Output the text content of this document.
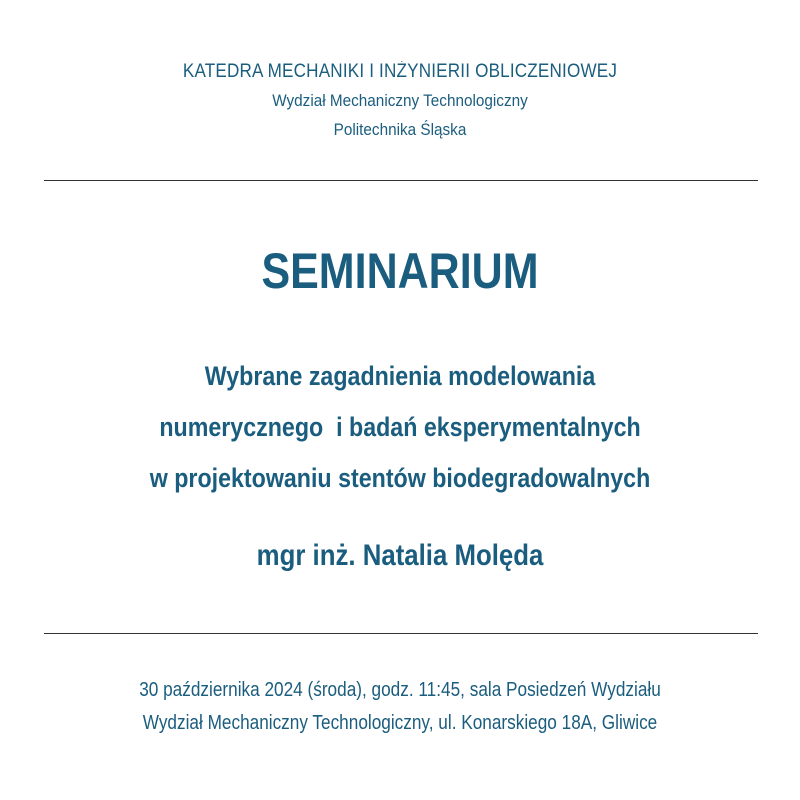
KATEDRA MECHANIKI I INŻYNIERII OBLICZENIOWEJ
Wydział Mechaniczny Technologiczny
Politechnika Śląska
SEMINARIUM
Wybrane zagadnienia modelowania
numerycznego  i badań eksperymentalnych
w projektowaniu stentów biodegradowalnych
mgr inż. Natalia Molęda
30 października 2024 (środa), godz. 11:45, sala Posiedzeń Wydziału
Wydział Mechaniczny Technologiczny, ul. Konarskiego 18A, Gliwice
